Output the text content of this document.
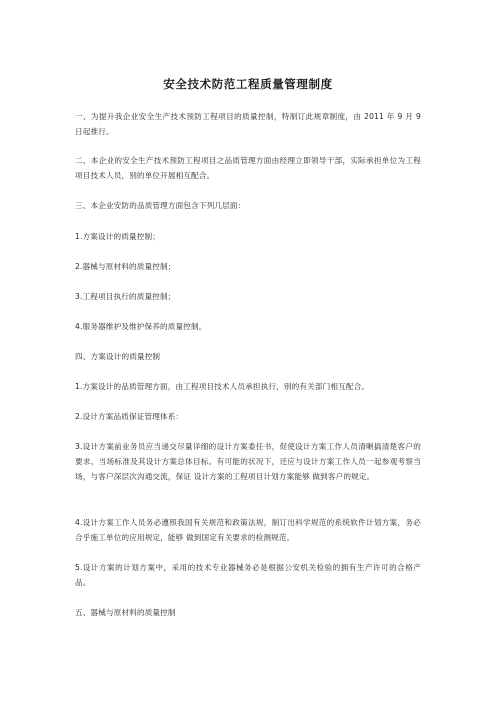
安全技术防范工程质量管理制度
一、为提升我企业安全生产技术预防工程项目的质量控制，特制订此规章制度，由 2011 年 9 月 9 日起推行。
二、本企业的安全生产技术预防工程项目之品质管理方面由经理立即领导干部，实际承担单位为工程项目技术人员，别的单位开展相互配合。
三、本企业安防的品质管理方面包含下列几层面：
1.方案设计的质量控制；
2.器械与原材料的质量控制；
3.工程项目执行的质量控制；
4.服务器维护及维护保养的质量控制。
四、方案设计的质量控制
1.方案设计的品质管理方面，由工程项目技术人员承担执行，别的有关部门相互配合。
2.设计方案品质保证管理体系：
3.设计方案前业务员应当递交尽量详细的设计方案委任书，促使设计方案工作人员清晰搞清楚客户的要求、当场标准及其设计方案总体目标。有可能的状况下，还应与设计方案工作人员一起参观考察当场，与客户深层次沟通交流，保证 设计方案的工程项目计划方案能够 做到客户的规定。
4.设计方案工作人员务必遵照我国有关规范和政策法规，制订出科学规范的系统软件计划方案，务必合乎施工单位的应用规定，能够 做到国定有关要求的检测规范。
5.设计方案的计划方案中，采用的技术专业器械务必是根据公安机关检验的拥有生产许可的合格产品。
五、器械与原材料的质量控制
